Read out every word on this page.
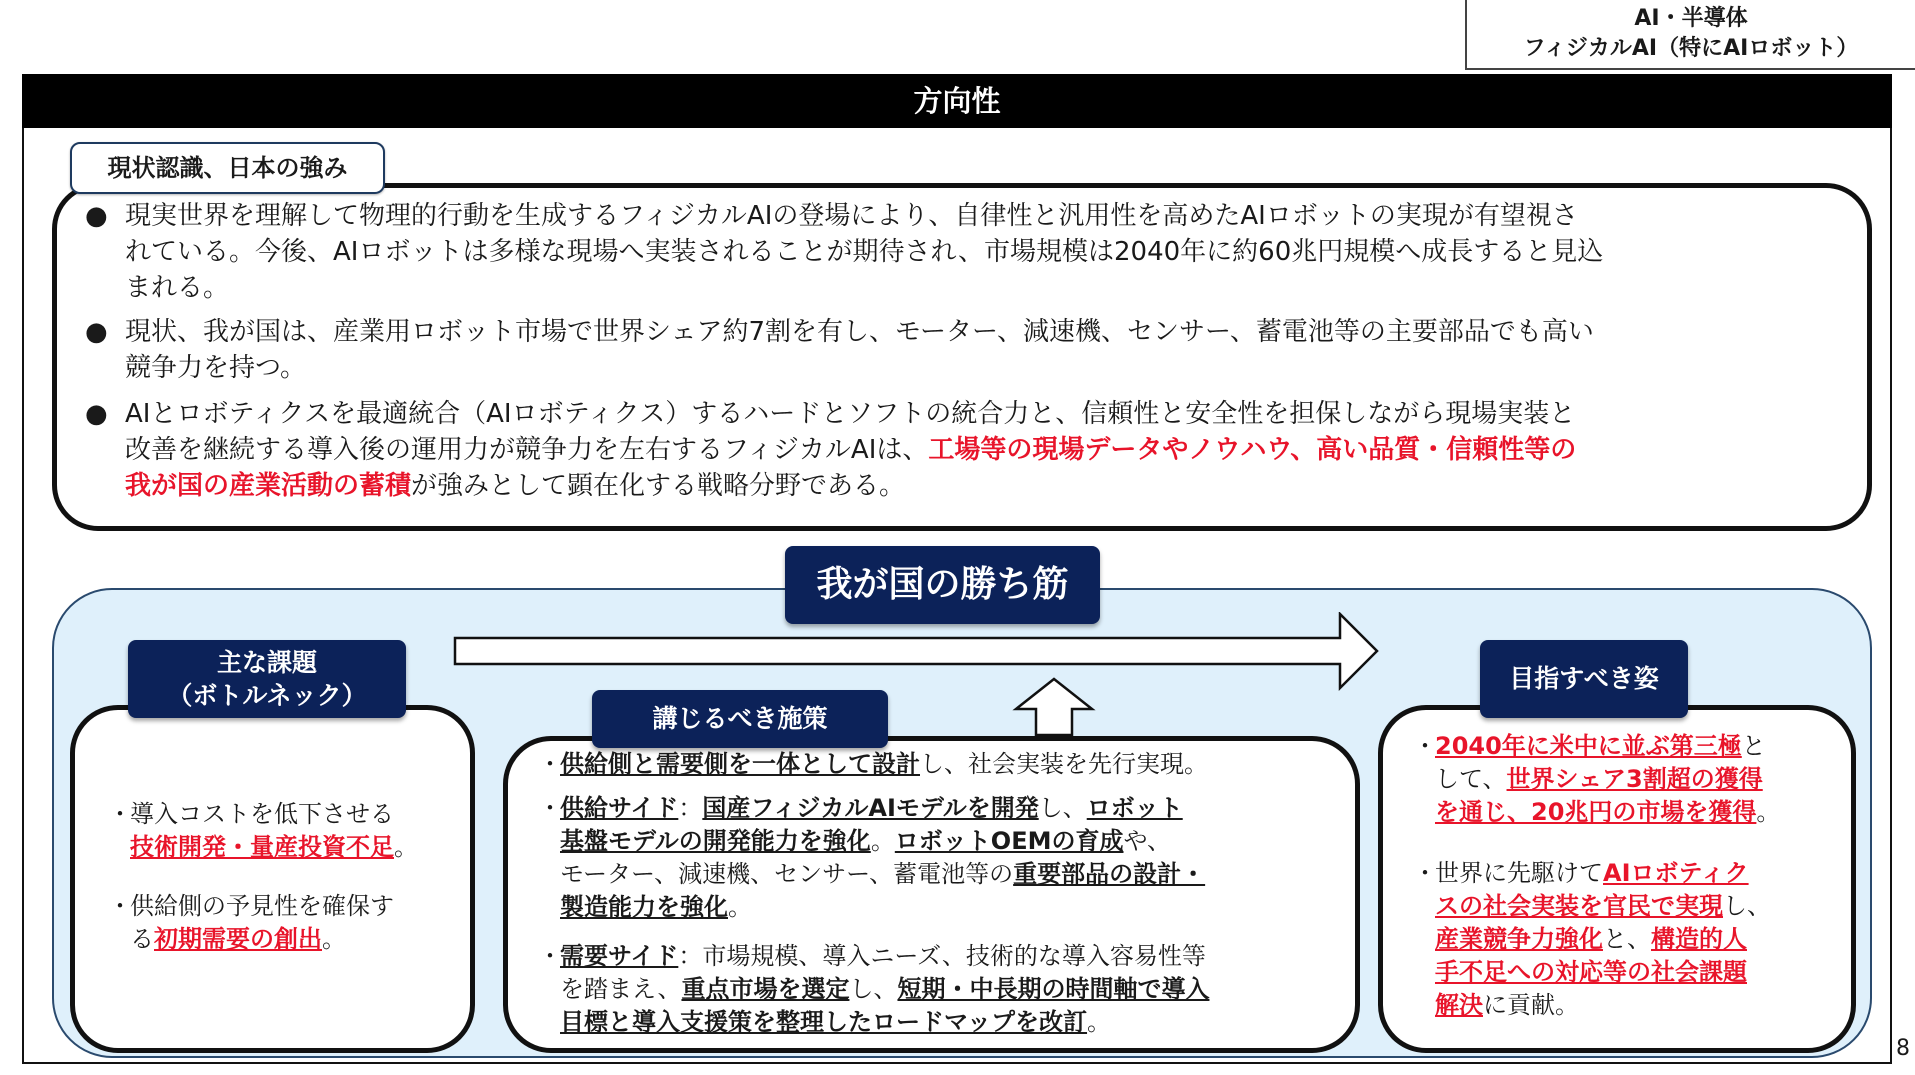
AI・半導体
フィジカルAI（特にAIロボット）
方向性
現状認識、日本の強み
● 現実世界を理解して物理的行動を生成するフィジカルAIの登場により、自律性と汎用性を高めたAIロボットの実現が有望視さ
れている。今後、AIロボットは多様な現場へ実装されることが期待され、市場規模は2040年に約60兆円規模へ成長すると見込
まれる。
● 現状、我が国は、産業用ロボット市場で世界シェア約7割を有し、モーター、減速機、センサー、蓄電池等の主要部品でも高い
競争力を持つ。
● AIとロボティクスを最適統合（AIロボティクス）するハードとソフトの統合力と、信頼性と安全性を担保しながら現場実装と
改善を継続する導入後の運用力が競争力を左右するフィジカルAIは、工場等の現場データやノウハウ、高い品質・信頼性等の
我が国の産業活動の蓄積が強みとして顕在化する戦略分野である。
我が国の勝ち筋
主な課題
（ボトルネック）
・
導入コストを低下させる
技術開発・量産投資不足。
・
供給側の予見性を確保す
る初期需要の創出。
講じるべき施策
・
供給側と需要側を一体として設計し、社会実装を先行実現。
・
供給サイド：国産フィジカルAIモデルを開発し、ロボット
基盤モデルの開発能力を強化。ロボットOEMの育成や、
モーター、減速機、センサー、蓄電池等の重要部品の設計・
製造能力を強化。
・
需要サイド：市場規模、導入ニーズ、技術的な導入容易性等
を踏まえ、重点市場を選定し、短期・中長期の時間軸で導入
目標と導入支援策を整理したロードマップを改訂。
目指すべき姿
・
2040年に米中に並ぶ第三極と
して、世界シェア3割超の獲得
を通じ、20兆円の市場を獲得。
・
世界に先駆けてAIロボティク
スの社会実装を官民で実現し、
産業競争力強化と、構造的人
手不足への対応等の社会課題
解決に貢献。
8
